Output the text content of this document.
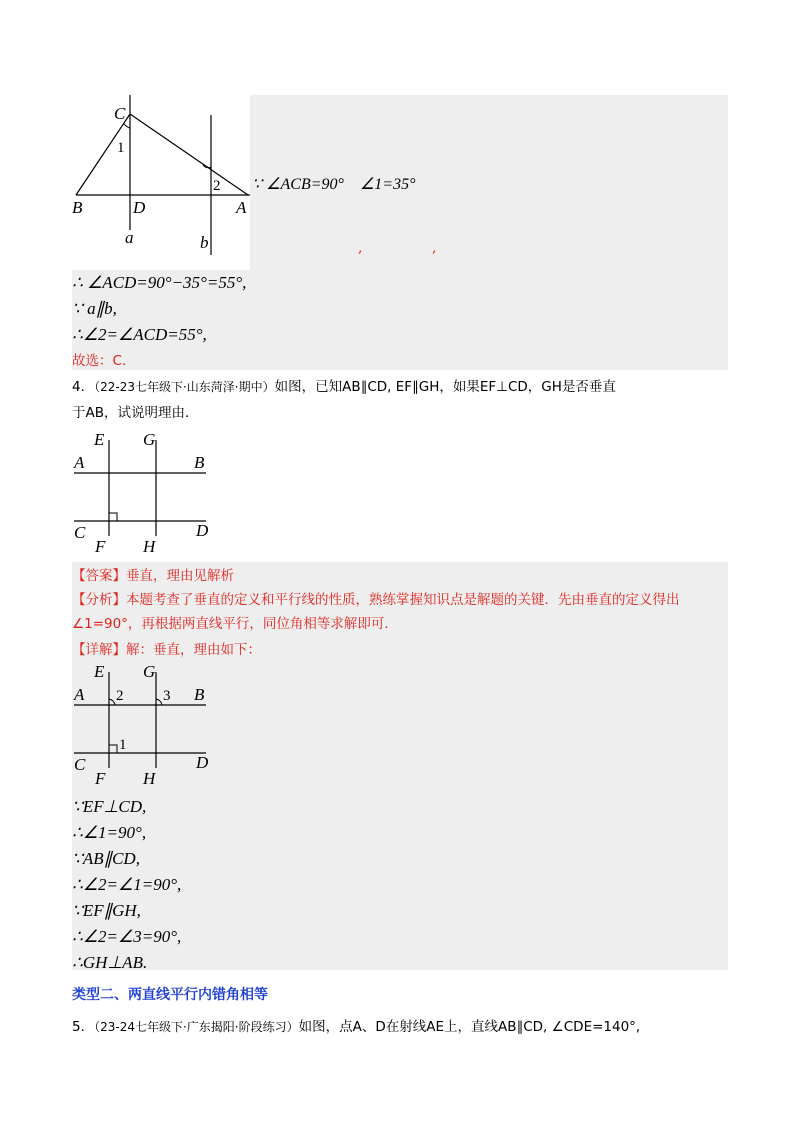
C
1
2
B	D	A
a	b
∵ ∠ACB=90°　∠1=35°
,	,
∴ ∠ACD=90°−35°=55°,
∵ a∥b,
∴∠2=∠ACD=55°,
故选：C.
4．（22-23七年级下·山东菏泽·期中）如图，已知AB∥CD, EF∥GH，如果EF⊥CD，GH是否垂直
于AB，试说明理由．
E G
A	B
C	D
F H
【答案】垂直，理由见解析
【分析】本题考查了垂直的定义和平行线的性质，熟练掌握知识点是解题的关键．先由垂直的定义得出
∠1=90°，再根据两直线平行，同位角相等求解即可．
【详解】解：垂直，理由如下：
E G
A 2	3 B
1
C	D
F H
∵EF⊥CD,
∴∠1=90°,
∵AB∥CD,
∴∠2=∠1=90°,
∵EF∥GH,
∴∠2=∠3=90°,
∴GH⊥AB.
类型二、两直线平行内错角相等
5．（23-24七年级下·广东揭阳·阶段练习）如图，点A、D在射线AE上，直线AB∥CD, ∠CDE=140°,
